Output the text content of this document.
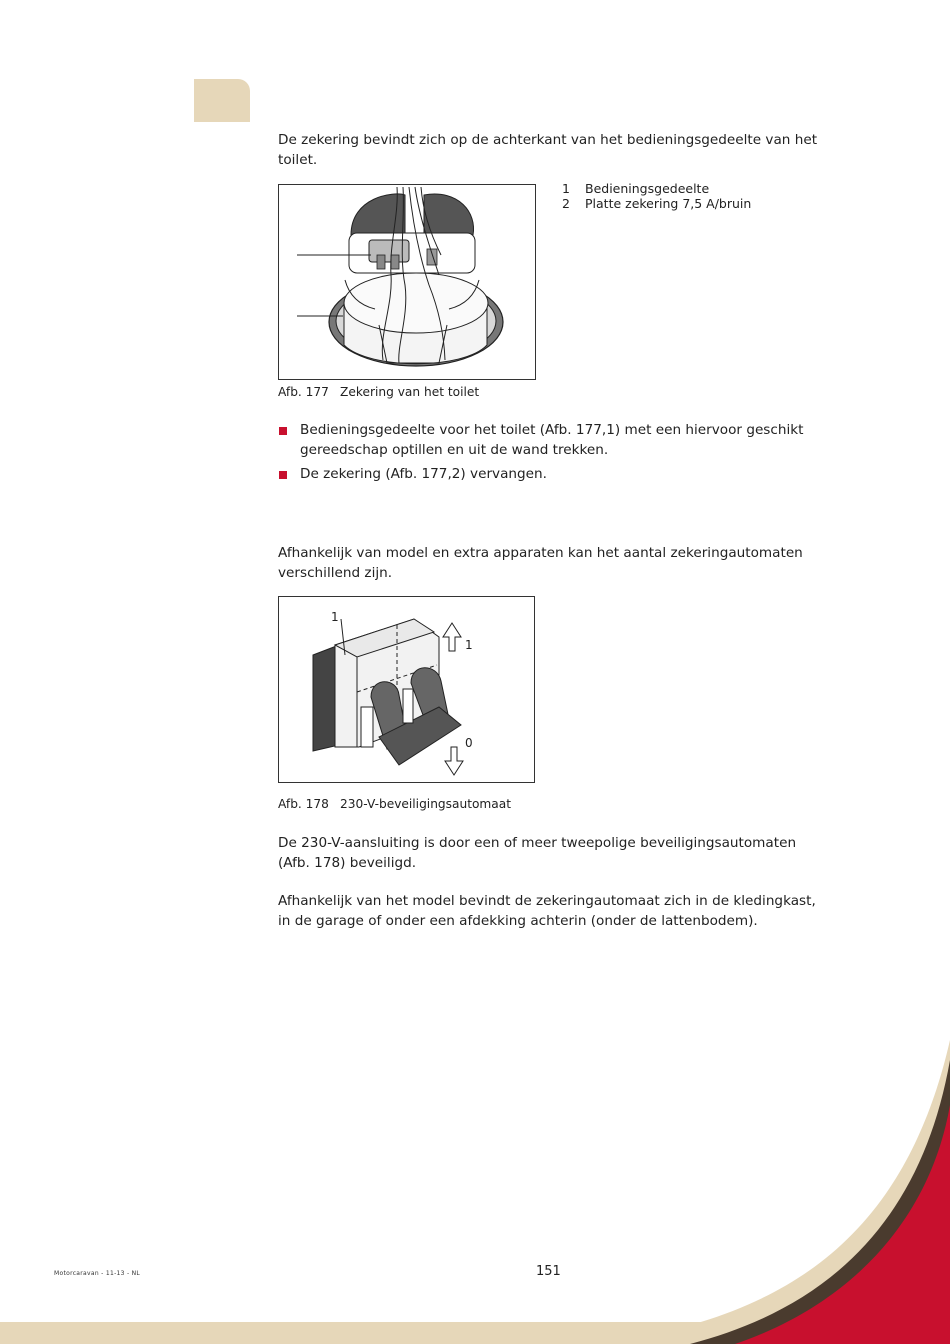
De zekering bevindt zich op de achterkant van het bedieningsgedeelte van het toilet.

1	Bedieningsgedeelte
2	Platte zekering 7,5 A/bruin
Afb. 177 Zekering van het toilet
Bedieningsgedeelte voor het toilet (Afb. 177,1) met een hiervoor geschikt gereedschap optillen en uit de wand trekken.
De zekering (Afb. 177,2) vervangen.

Afhankelijk van model en extra apparaten kan het aantal zekeringautomaten verschillend zijn.

1
1
0
Afb. 178 230-V-beveiligingsautomaat

De 230-V-aansluiting is door een of meer tweepolige beveiligingsautomaten (Afb. 178) beveiligd.

Afhankelijk van het model bevindt de zekeringautomaat zich in de kledingkast, in de garage of onder een afdekking achterin (onder de lattenbodem).

Motorcaravan - 11-13 - NL	151
